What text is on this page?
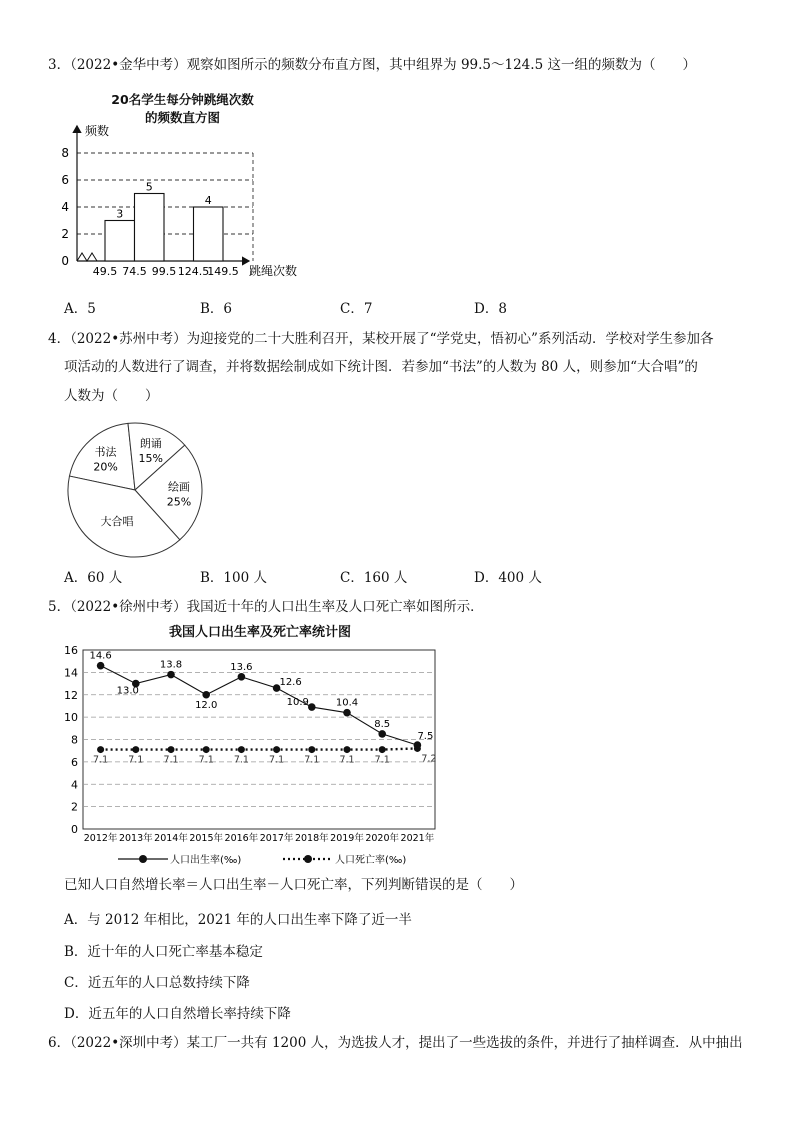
3．（2022•金华中考）观察如图所示的频数分布直方图，其中组界为 99.5～124.5 这一组的频数为（　　）
20名学生每分钟跳绳次数
的频数直方图
频数
跳绳次数
0
2
4
6
8
49.5 74.5 99.5 124.5
149.5
3
5
4
A．5	B．6	C．7	D．8
4．（2022•苏州中考）为迎接党的二十大胜利召开，某校开展了“学党史，悟初心”系列活动．学校对学生参加各
项活动的人数进行了调查，并将数据绘制成如下统计图．若参加“书法”的人数为 80 人，则参加“大合唱”的
人数为（　　）
书法
20%
朗诵
15%
绘画
25%
大合唱
A．60 人	B．100 人	C．160 人	D．400 人
5．（2022•徐州中考）我国近十年的人口出生率及人口死亡率如图所示．
我国人口出生率及死亡率统计图
0
2
4
6
8
10
12
14
16
2012年 2013年 2014年 2015年 2016年 2017年 2018年 2019年 2020年 2021年
7.1 7.1 7.1 7.1 7.1 7.1 7.1 7.1 7.1	7.2
14.6
13.0
13.8
12.0
13.6
12.6
10.9	10.4
8.5
7.5
人口出生率(‰)	人口死亡率(‰)
已知人口自然增长率＝人口出生率－人口死亡率，下列判断错误的是（　　）
A．与 2012 年相比，2021 年的人口出生率下降了近一半
B．近十年的人口死亡率基本稳定
C．近五年的人口总数持续下降
D．近五年的人口自然增长率持续下降
6．（2022•深圳中考）某工厂一共有 1200 人，为选拔人才，提出了一些选拔的条件，并进行了抽样调查．从中抽出
